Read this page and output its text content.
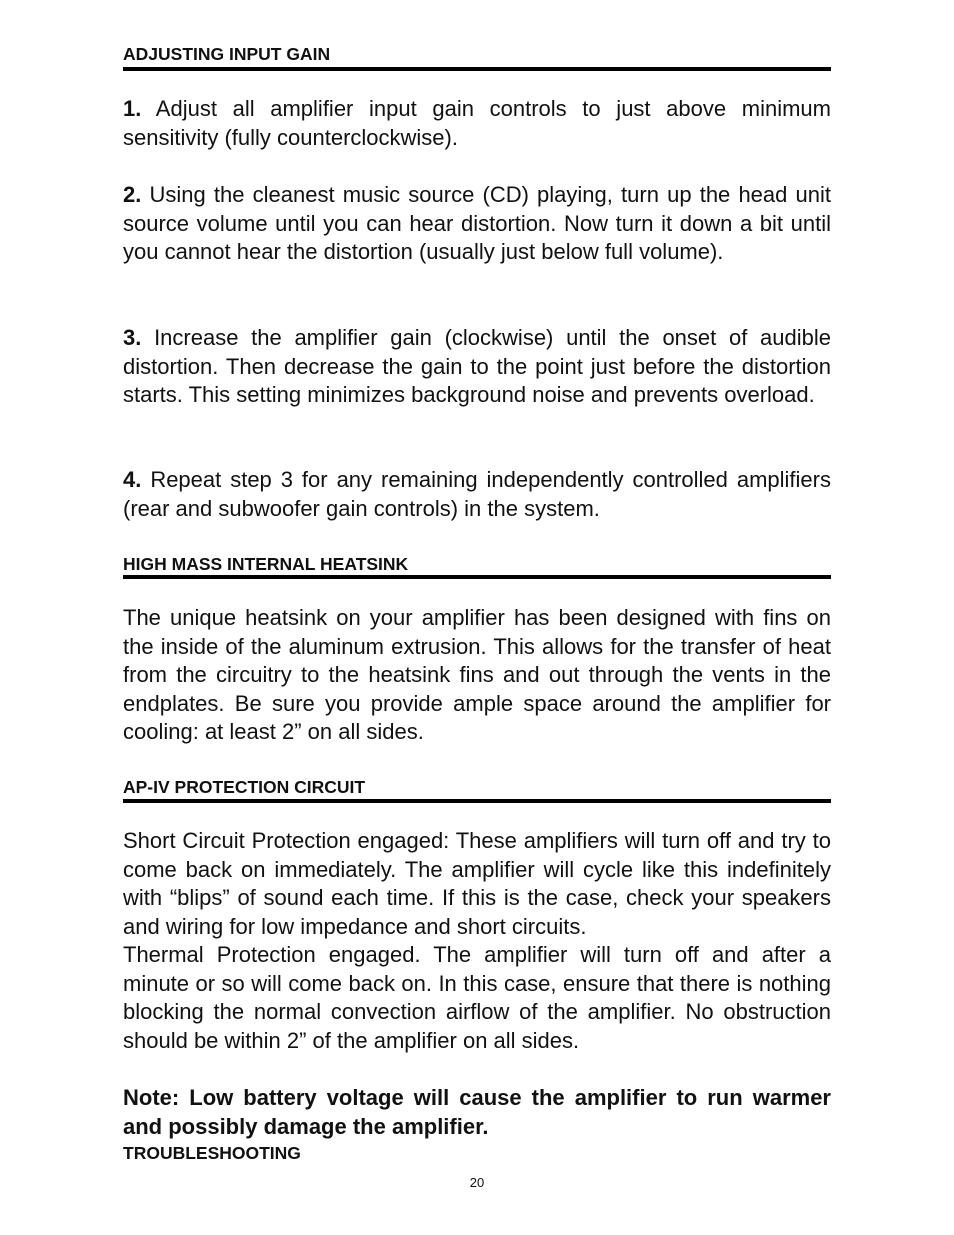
ADJUSTING INPUT GAIN

1. Adjust all amplifier input gain controls to just above minimum sensitivity (fully counterclockwise).

2. Using the cleanest music source (CD) playing, turn up the head unit source volume until you can hear distortion. Now turn it down a bit until you cannot hear the distortion (usually just below full volume).

3. Increase the amplifier gain (clockwise) until the onset of audible distortion. Then decrease the gain to the point just before the distortion starts. This setting minimizes background noise and prevents overload.

4. Repeat step 3 for any remaining independently controlled amplifiers (rear and subwoofer gain controls) in the system.

HIGH MASS INTERNAL HEATSINK

The unique heatsink on your amplifier has been designed with fins on the inside of the aluminum extrusion. This allows for the transfer of heat from the circuitry to the heatsink fins and out through the vents in the endplates. Be sure you provide ample space around the amplifier for cooling: at least 2” on all sides.

AP-IV PROTECTION CIRCUIT

Short Circuit Protection engaged: These amplifiers will turn off and try to come back on immediately. The amplifier will cycle like this indefinitely with “blips” of sound each time. If this is the case, check your speakers and wiring for low impedance and short circuits.

Thermal Protection engaged. The amplifier will turn off and after a minute or so will come back on. In this case, ensure that there is nothing blocking the normal convection airflow of the amplifier. No obstruction should be within 2” of the amplifier on all sides.

Note: Low battery voltage will cause the amplifier to run warmer and possibly damage the amplifier.

TROUBLESHOOTING
20
